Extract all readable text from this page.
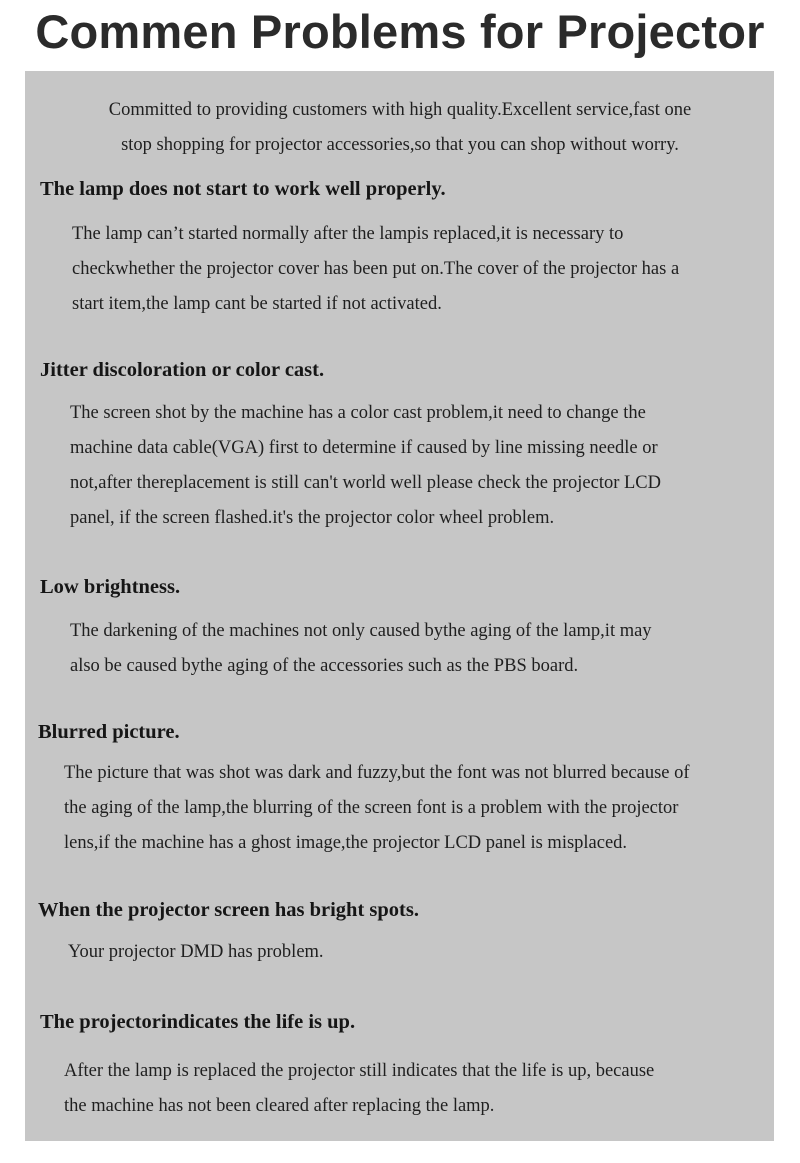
Commen Problems for Projector
Committed to providing customers with high quality.Excellent service,fast one
stop shopping for projector accessories,so that you can shop without worry.
The lamp does not start to work well properly.
The lamp can’t started normally after the lampis replaced,it is necessary to
checkwhether the projector cover has been put on.The cover of the projector has a
start item,the lamp cant be started if not activated.
Jitter discoloration or color cast.
The screen shot by the machine has a color cast problem,it need to change the
machine data cable(VGA) first to determine if caused by line missing needle or
not,after thereplacement is still can't world well please check the projector LCD
panel, if the screen flashed.it's the projector color wheel problem.
Low brightness.
The darkening of the machines not only caused bythe aging of the lamp,it may
also be caused bythe aging of the accessories such as the PBS board.
Blurred picture.
The picture that was shot was dark and fuzzy,but the font was not blurred because of
the aging of the lamp,the blurring of the screen font is a problem with the projector
lens,if the machine has a ghost image,the projector LCD panel is misplaced.
When the projector screen has bright spots.
Your projector DMD has problem.
The projectorindicates the life is up.
After the lamp is replaced the projector still indicates that the life is up, because
the machine has not been cleared after replacing the lamp.
